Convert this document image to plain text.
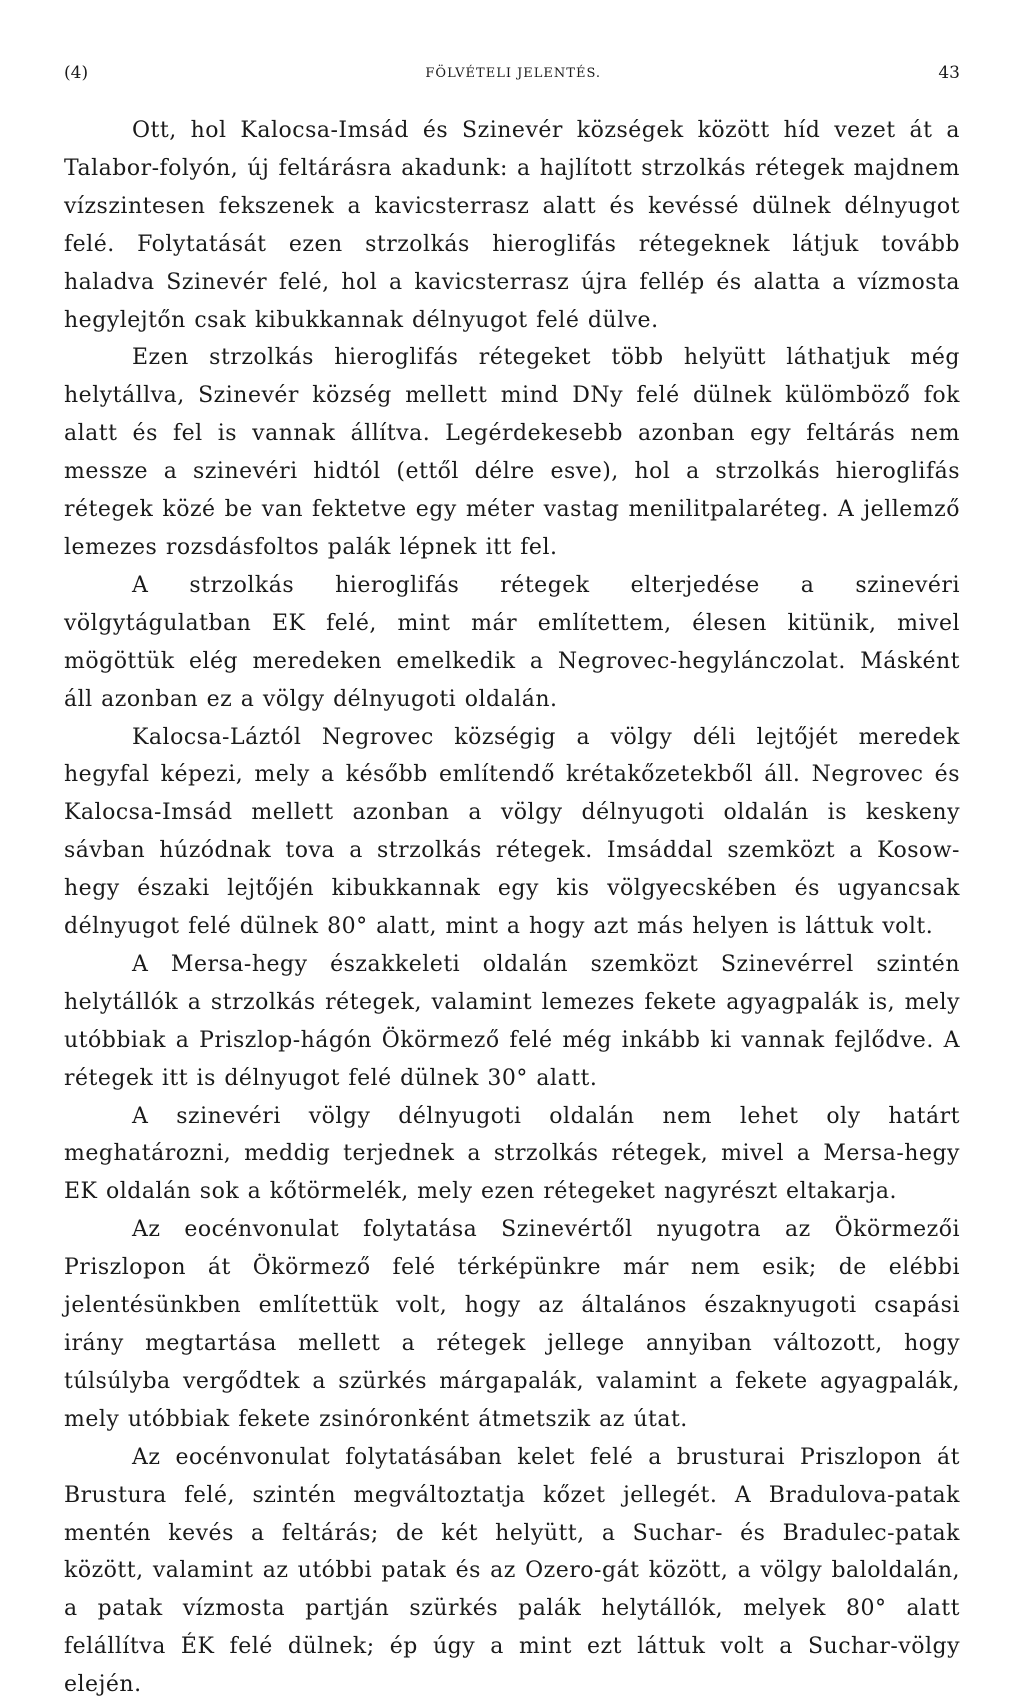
(4)	FÖLVÉTELI JELENTÉS.	43

Ott, hol Kalocsa-Imsád és Szinevér községek között híd vezet át a Talabor-folyón, új feltárásra akadunk: a hajlított strzolkás rétegek majdnem vízszintesen fekszenek a kavicsterrasz alatt és kevéssé dülnek délnyugot felé. Folytatását ezen strzolkás hieroglifás rétegeknek látjuk tovább haladva Szinevér felé, hol a kavicsterrasz újra fellép és alatta a vízmosta hegylejtőn csak kibukkannak délnyugot felé dülve.

Ezen strzolkás hieroglifás rétegeket több helyütt láthatjuk még helytállva, Szinevér község mellett mind DNy felé dülnek külömböző fok alatt és fel is vannak állítva. Legérdekesebb azonban egy feltárás nem messze a szinevéri hidtól (ettől délre esve), hol a strzolkás hieroglifás rétegek közé be van fektetve egy méter vastag menilitpalaréteg. A jellemző lemezes rozsdásfoltos palák lépnek itt fel.

A strzolkás hieroglifás rétegek elterjedése a szinevéri völgytágulatban EK felé, mint már említettem, élesen kitünik, mivel mögöttük elég meredeken emelkedik a Negrovec-hegylánczolat. Másként áll azonban ez a völgy délnyugoti oldalán.

Kalocsa-Láztól Negrovec községig a völgy déli lejtőjét meredek hegyfal képezi, mely a később említendő krétakőzetekből áll. Negrovec és Kalocsa-Imsád mellett azonban a völgy délnyugoti oldalán is keskeny sávban húzódnak tova a strzolkás rétegek. Imsáddal szemközt a Kosow-hegy északi lejtőjén kibukkannak egy kis völgyecskében és ugyancsak délnyugot felé dülnek 80° alatt, mint a hogy azt más helyen is láttuk volt.

A Mersa-hegy északkeleti oldalán szemközt Szinevérrel szintén helytállók a strzolkás rétegek, valamint lemezes fekete agyagpalák is, mely utóbbiak a Priszlop-hágón Ökörmező felé még inkább ki vannak fejlődve. A rétegek itt is délnyugot felé dülnek 30° alatt.

A szinevéri völgy délnyugoti oldalán nem lehet oly határt meghatározni, meddig terjednek a strzolkás rétegek, mivel a Mersa-hegy EK oldalán sok a kőtörmelék, mely ezen rétegeket nagyrészt eltakarja.

Az eocénvonulat folytatása Szinevértől nyugotra az Ökörmezői Priszlopon át Ökörmező felé térképünkre már nem esik; de elébbi jelentésünkben említettük volt, hogy az általános északnyugoti csapási irány megtartása mellett a rétegek jellege annyiban változott, hogy túlsúlyba vergődtek a szürkés márgapalák, valamint a fekete agyagpalák, mely utóbbiak fekete zsinóronként átmetszik az útat.

Az eocénvonulat folytatásában kelet felé a brusturai Priszlopon át Brustura felé, szintén megváltoztatja kőzet jellegét. A Bradulova-patak mentén kevés a feltárás; de két helyütt, a Suchar- és Bradulec-patak között, valamint az utóbbi patak és az Ozero-gát között, a völgy baloldalán, a patak vízmosta partján szürkés palák helytállók, melyek 80° alatt felállítva ÉK felé dülnek; ép úgy a mint ezt láttuk volt a Suchar-völgy elején.
